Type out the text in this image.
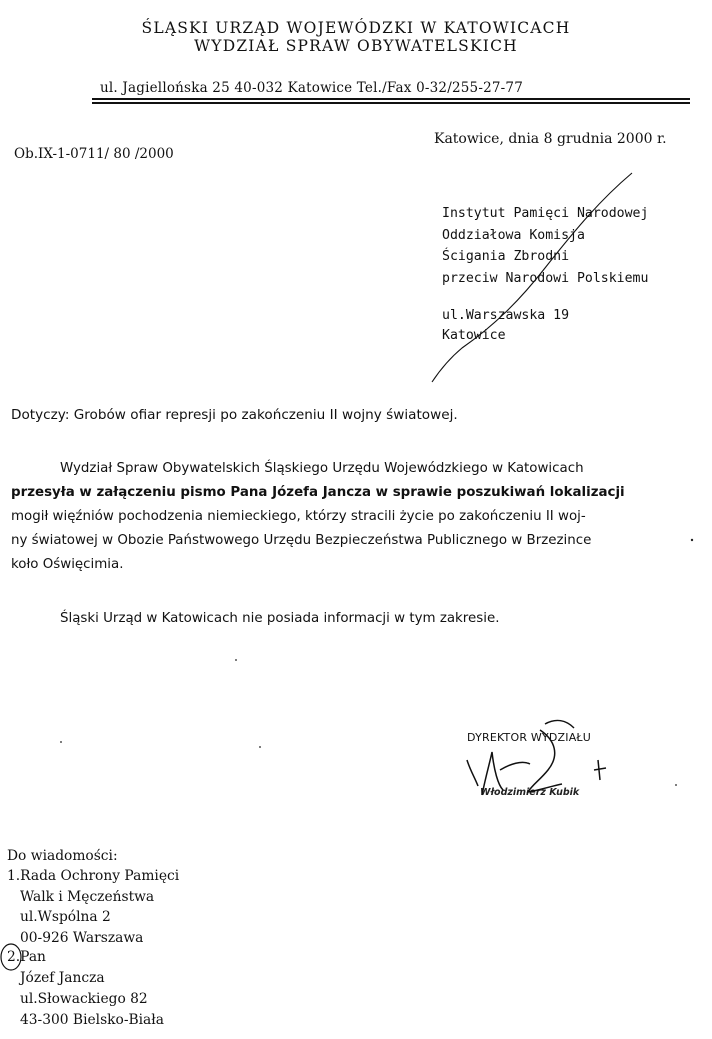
ŚLĄSKI URZĄD WOJEWÓDZKI W KATOWICACH
WYDZIAŁ SPRAW OBYWATELSKICH
ul. Jagiellońska 25 40-032 Katowice Tel./Fax 0-32/255-27-77
Ob.IX-1-0711/ 80 /2000
Katowice, dnia 8 grudnia 2000 r.
Instytut Pamięci Narodowej
Oddziałowa Komisja
Ścigania Zbrodni
przeciw Narodowi Polskiemu
ul.Warszawska 19
Katowice
Dotyczy: Grobów ofiar represji po zakończeniu II wojny światowej.
Wydział Spraw Obywatelskich Śląskiego Urzędu Wojewódzkiego w Katowicach
przesyła w załączeniu pismo Pana Józefa Jancza w sprawie poszukiwań lokalizacji
mogił więźniów pochodzenia niemieckiego, którzy stracili życie po zakończeniu II woj-
ny światowej w Obozie Państwowego Urzędu Bezpieczeństwa Publicznego w Brzezince
koło Oświęcimia.
Śląski Urząd w Katowicach nie posiada informacji w tym zakresie.
DYREKTOR WYDZIAŁU
Włodzimierz Kubik
Do wiadomości:
1.Rada Ochrony Pamięci
Walk i Męczeństwa
ul.Wspólna 2
00-926 Warszawa
2.Pan
Józef Jancza
ul.Słowackiego 82
43-300 Bielsko-Biała
